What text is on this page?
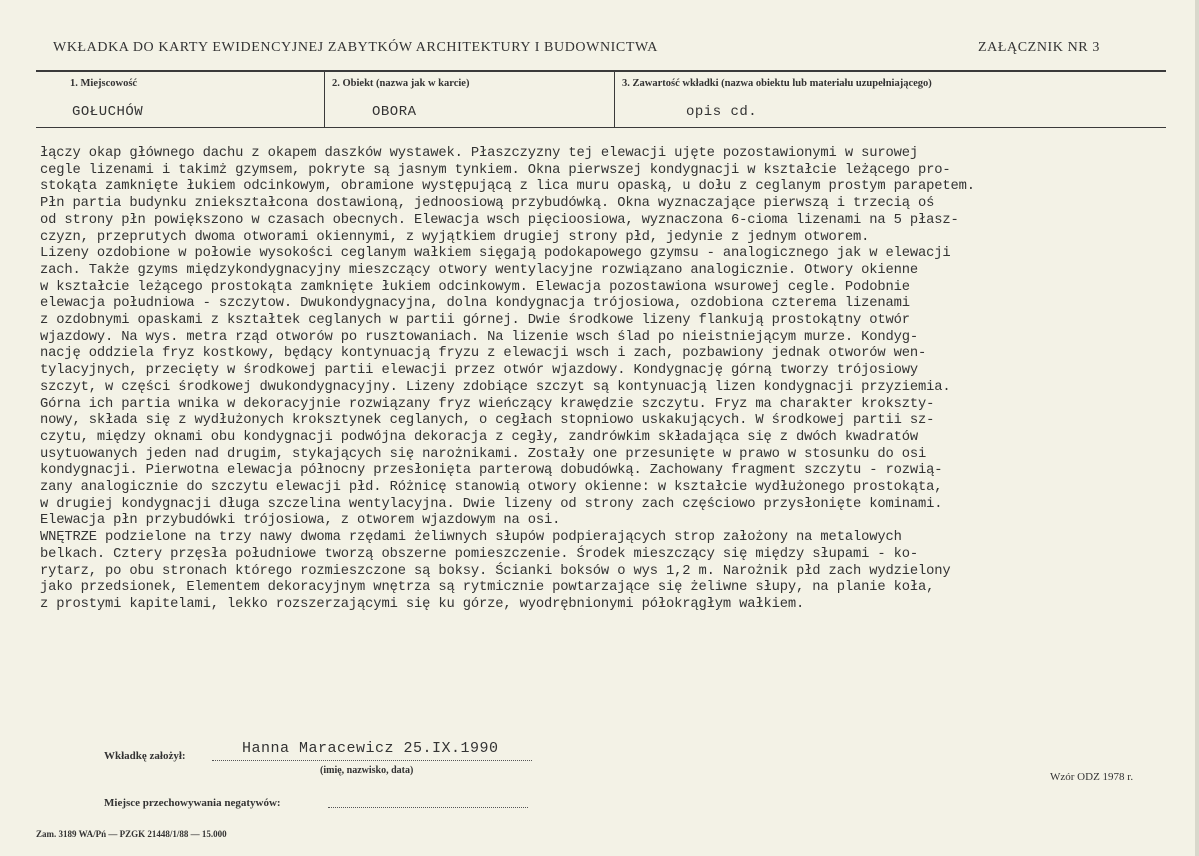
WKŁADKA DO KARTY EWIDENCYJNEJ ZABYTKÓW ARCHITEKTURY I BUDOWNICTWA	ZAŁĄCZNIK NR 3
1. Miejscowość
GOŁUCHÓW
2. Obiekt (nazwa jak w karcie)
OBORA
3. Zawartość wkładki (nazwa obiektu lub materiału uzupełniającego)
opis cd.
łączy okap głównego dachu z okapem daszków wystawek. Płaszczyzny tej elewacji ujęte pozostawionymi w surowej
cegle lizenami i takimż gzymsem, pokryte są jasnym tynkiem. Okna pierwszej kondygnacji w kształcie leżącego pro-
stokąta zamknięte łukiem odcinkowym, obramione występującą z lica muru opaską, u dołu z ceglanym prostym parapetem.
Płn partia budynku zniekształcona dostawioną, jednoosiową przybudówką. Okna wyznaczające pierwszą i trzecią oś
od strony płn powiększono w czasach obecnych. Elewacja wsch pięcioosiowa, wyznaczona 6-cioma lizenami na 5 płasz-
czyzn, przeprutych dwoma otworami okiennymi, z wyjątkiem drugiej strony płd, jedynie z jednym otworem.
Lizeny ozdobione w połowie wysokości ceglanym wałkiem sięgają podokapowego gzymsu - analogicznego jak w elewacji
zach. Także gzyms międzykondygnacyjny mieszczący otwory wentylacyjne rozwiązano analogicznie. Otwory okienne
w kształcie leżącego prostokąta zamknięte łukiem odcinkowym. Elewacja pozostawiona wsurowej cegle. Podobnie
elewacja południowa - szczytow. Dwukondygnacyjna, dolna kondygnacja trójosiowa, ozdobiona czterema lizenami
z ozdobnymi opaskami z kształtek ceglanych w partii górnej. Dwie środkowe lizeny flankują prostokątny otwór
wjazdowy. Na wys. metra rząd otworów po rusztowaniach. Na lizenie wsch ślad po nieistniejącym murze. Kondyg-
nację oddziela fryz kostkowy, będący kontynuacją fryzu z elewacji wsch i zach, pozbawiony jednak otworów wen-
tylacyjnych, przecięty w środkowej partii elewacji przez otwór wjazdowy. Kondygnację górną tworzy trójosiowy
szczyt, w części środkowej dwukondygnacyjny. Lizeny zdobiące szczyt są kontynuacją lizen kondygnacji przyziemia.
Górna ich partia wnika w dekoracyjnie rozwiązany fryz wieńczący krawędzie szczytu. Fryz ma charakter krokszty-
nowy, składa się z wydłużonych kroksztynek ceglanych, o cegłach stopniowo uskakujących. W środkowej partii sz-
czytu, między oknami obu kondygnacji podwójna dekoracja z cegły, zandrówkim składająca się z dwóch kwadratów
usytuowanych jeden nad drugim, stykających się narożnikami. Zostały one przesunięte w prawo w stosunku do osi
kondygnacji. Pierwotna elewacja północny przesłonięta parterową dobudówką. Zachowany fragment szczytu - rozwią-
zany analogicznie do szczytu elewacji płd. Różnicę stanowią otwory okienne: w kształcie wydłużonego prostokąta,
w drugiej kondygnacji długa szczelina wentylacyjna. Dwie lizeny od strony zach częściowo przysłonięte kominami.
Elewacja płn przybudówki trójosiowa, z otworem wjazdowym na osi.
WNĘTRZE podzielone na trzy nawy dwoma rzędami żeliwnych słupów podpierających strop założony na metalowych
belkach. Cztery przęsła południowe tworzą obszerne pomieszczenie. Środek mieszczący się między słupami - ko-
rytarz, po obu stronach którego rozmieszczone są boksy. Ścianki boksów o wys 1,2 m. Narożnik płd zach wydzielony
jako przedsionek, Elementem dekoracyjnym wnętrza są rytmicznie powtarzające się żeliwne słupy, na planie koła,
z prostymi kapitelami, lekko rozszerzającymi się ku górze, wyodrębnionymi półokrągłym wałkiem.
Wkładkę założył:	Hanna Maracewicz 25.IX.1990
(imię, nazwisko, data)
Wzór ODZ 1978 r.
Miejsce przechowywania negatywów:
Zam. 3189 WA/Pń — PZGK 21448/1/88 — 15.000
